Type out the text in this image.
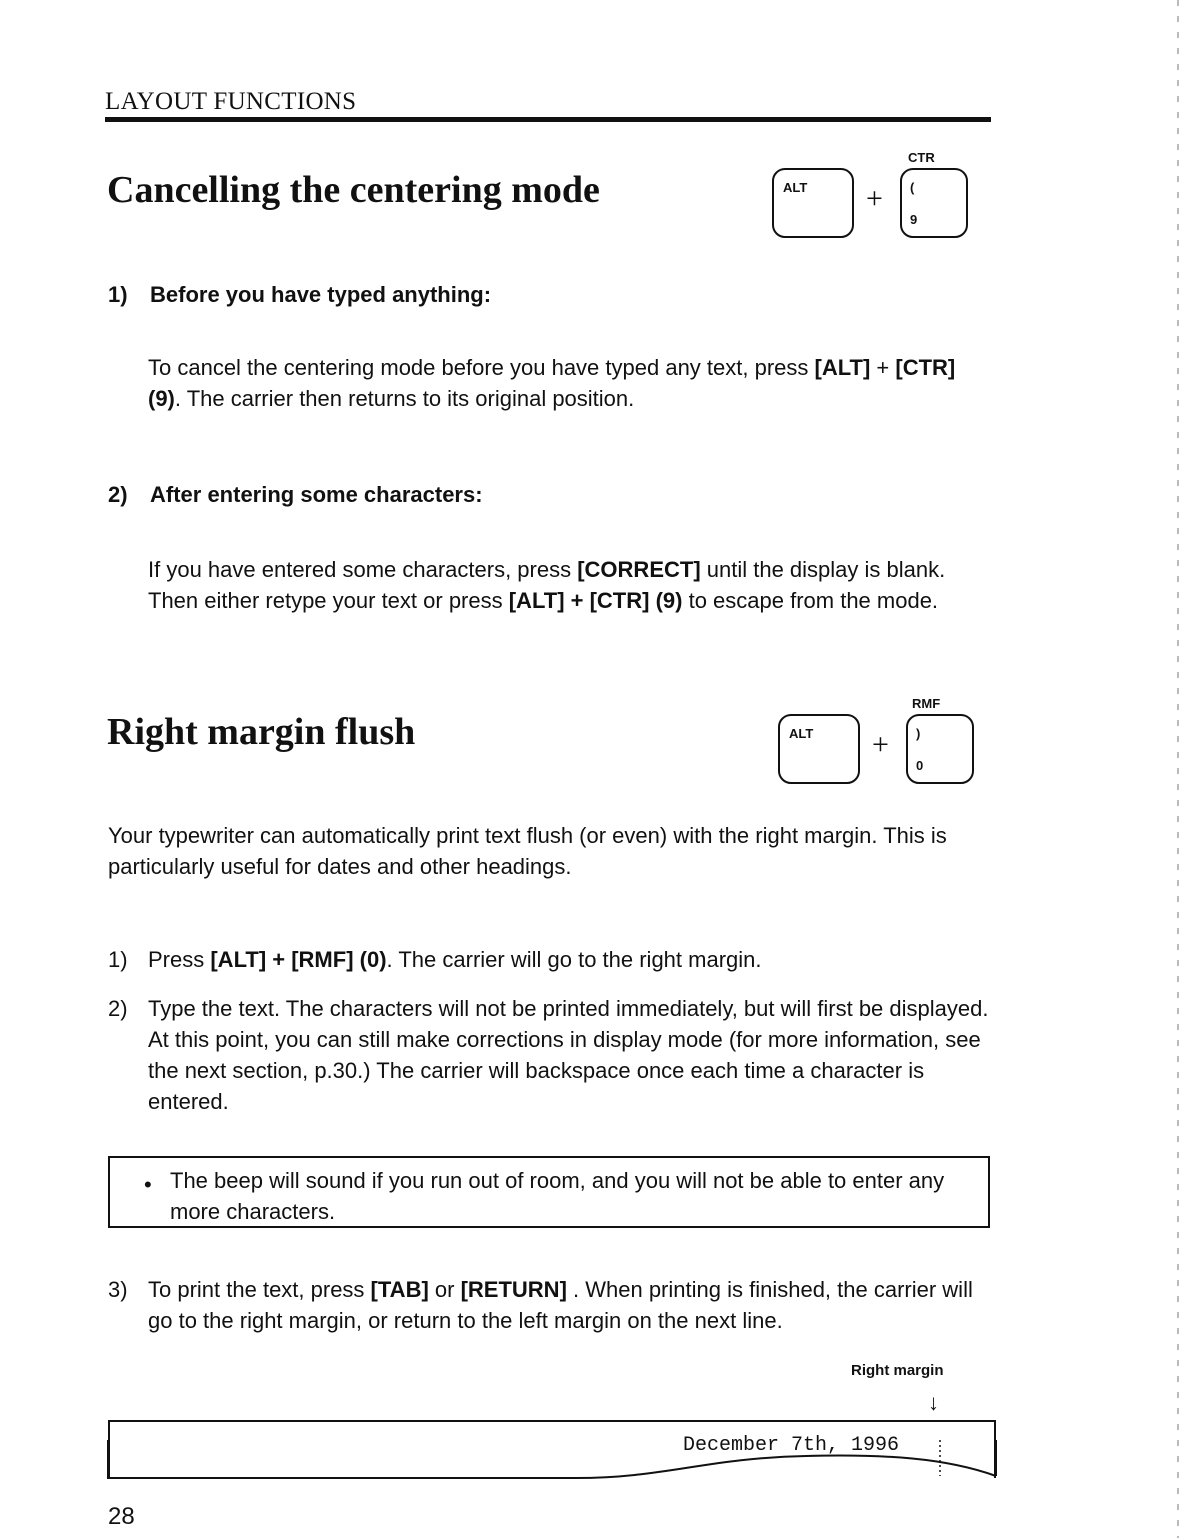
LAYOUT FUNCTIONS
Cancelling the centering mode	ALT +
CTR
(
9
1) Before you have typed anything:

To cancel the centering mode before you have typed any text, press [ALT] + [CTR] (9). The carrier then returns to its original position.

2) After entering some characters:

If you have entered some characters, press [CORRECT] until the display is blank. Then either retype your text or press [ALT] + [CTR] (9) to escape from the mode.

Right margin flush	ALT +
RMF
)
0

Your typewriter can automatically print text flush (or even) with the right margin. This is particularly useful for dates and other headings.

1) Press [ALT] + [RMF] (0). The carrier will go to the right margin.

2) Type the text. The characters will not be printed immediately, but will first be displayed. At this point, you can still make corrections in display mode (for more information, see the next section, p.30.) The carrier will backspace once each time a character is entered.

• The beep will sound if you run out of room, and you will not be able to enter any more characters.

3) To print the text, press [TAB] or [RETURN] . When printing is finished, the carrier will go to the right margin, or return to the left margin on the next line.

Right margin
↓
December 7th, 1996
28
